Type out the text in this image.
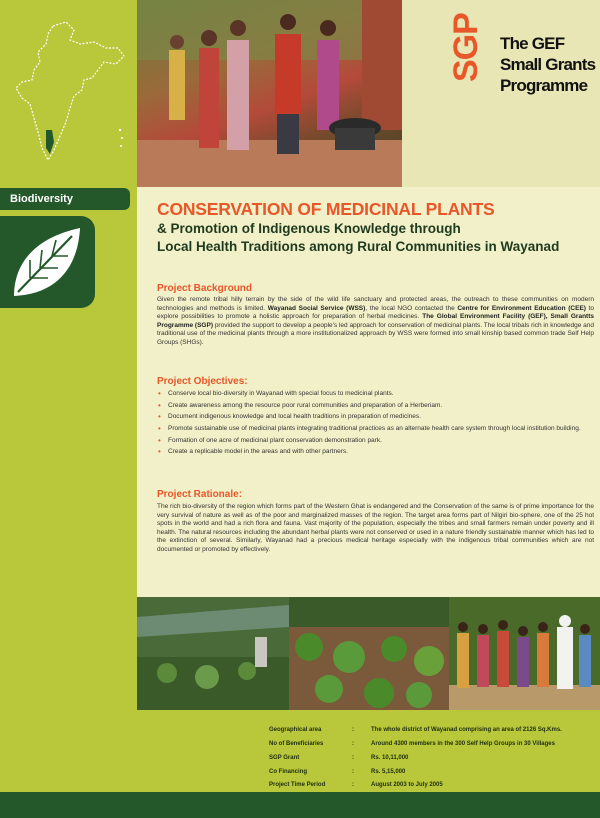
Biodiversity
SGP The GEF
Small Grants
Programme
CONSERVATION OF MEDICINAL PLANTS
& Promotion of Indigenous Knowledge through
Local Health Traditions among Rural Communities in Wayanad
Project Background
Given the remote tribal hilly terrain by the side of the wild life sanctuary and protected areas, the outreach to these communities on modern technologies and methods is limited. Wayanad Social Service (WSS), the local NGO contacted the Centre for Environment Education (CEE) to explore possibilities to promote a holistic approach for preparation of herbal medicines. The Global Environment Facility (GEF), Small Grantts Programme (SGP) provided the support to develop a people's led approach for conservation of medicinal plants. The local tribals rich in knowledge and traditional use of the medicinal plants through a more institutionalized approach by WSS were formed into small kinship based common trade Self Help Groups (SHGs).
Project Objectives:
• Conserve local bio-diversity in Wayanad with special focus to medicinal plants.
• Create awareness among the resource poor rural communities and preparation of a Herberiam.
• Document indigenous knowledge and local health traditions in preparation of medicines.
• Promote sustainable use of medicinal plants integrating traditional practices as an alternate health care system through local institution building.
• Formation of one acre of medicinal plant conservation demonstration park.
• Create a replicable model in the areas and with other partners.
Project Rationale:
The rich bio-diversity of the region which forms part of the Western Ghat is endangered and the Conservation of the same is of prime importance for the very survival of nature as well as of the poor and marginalized masses of the region. The target area forms part of Nilgiri bio-sphere, one of the 25 hot spots in the world and had a rich flora and fauna. Vast majority of the population, especially the tribes and small farmers remain under poverty and ill health. The natural resources including the abundant herbal plants were not conserved or used in a nature friendly sustainable manner which has led to the extinction of several. Similarly, Wayanad had a precious medical heritage especially with the indigenous tribal communities which are not documented or promoted by effectively.
Geographical area	:	The whole district of Wayanad comprising an area of 2126 Sq.Kms.
No of Beneficiaries	:	Around 4300 members in the 300 Self Help Groups in 30 Villages
SGP Grant	:	Rs. 10,11,000
Co Financing	:	Rs. 5,15,000
Project Time Period	:	August 2003 to July 2005
